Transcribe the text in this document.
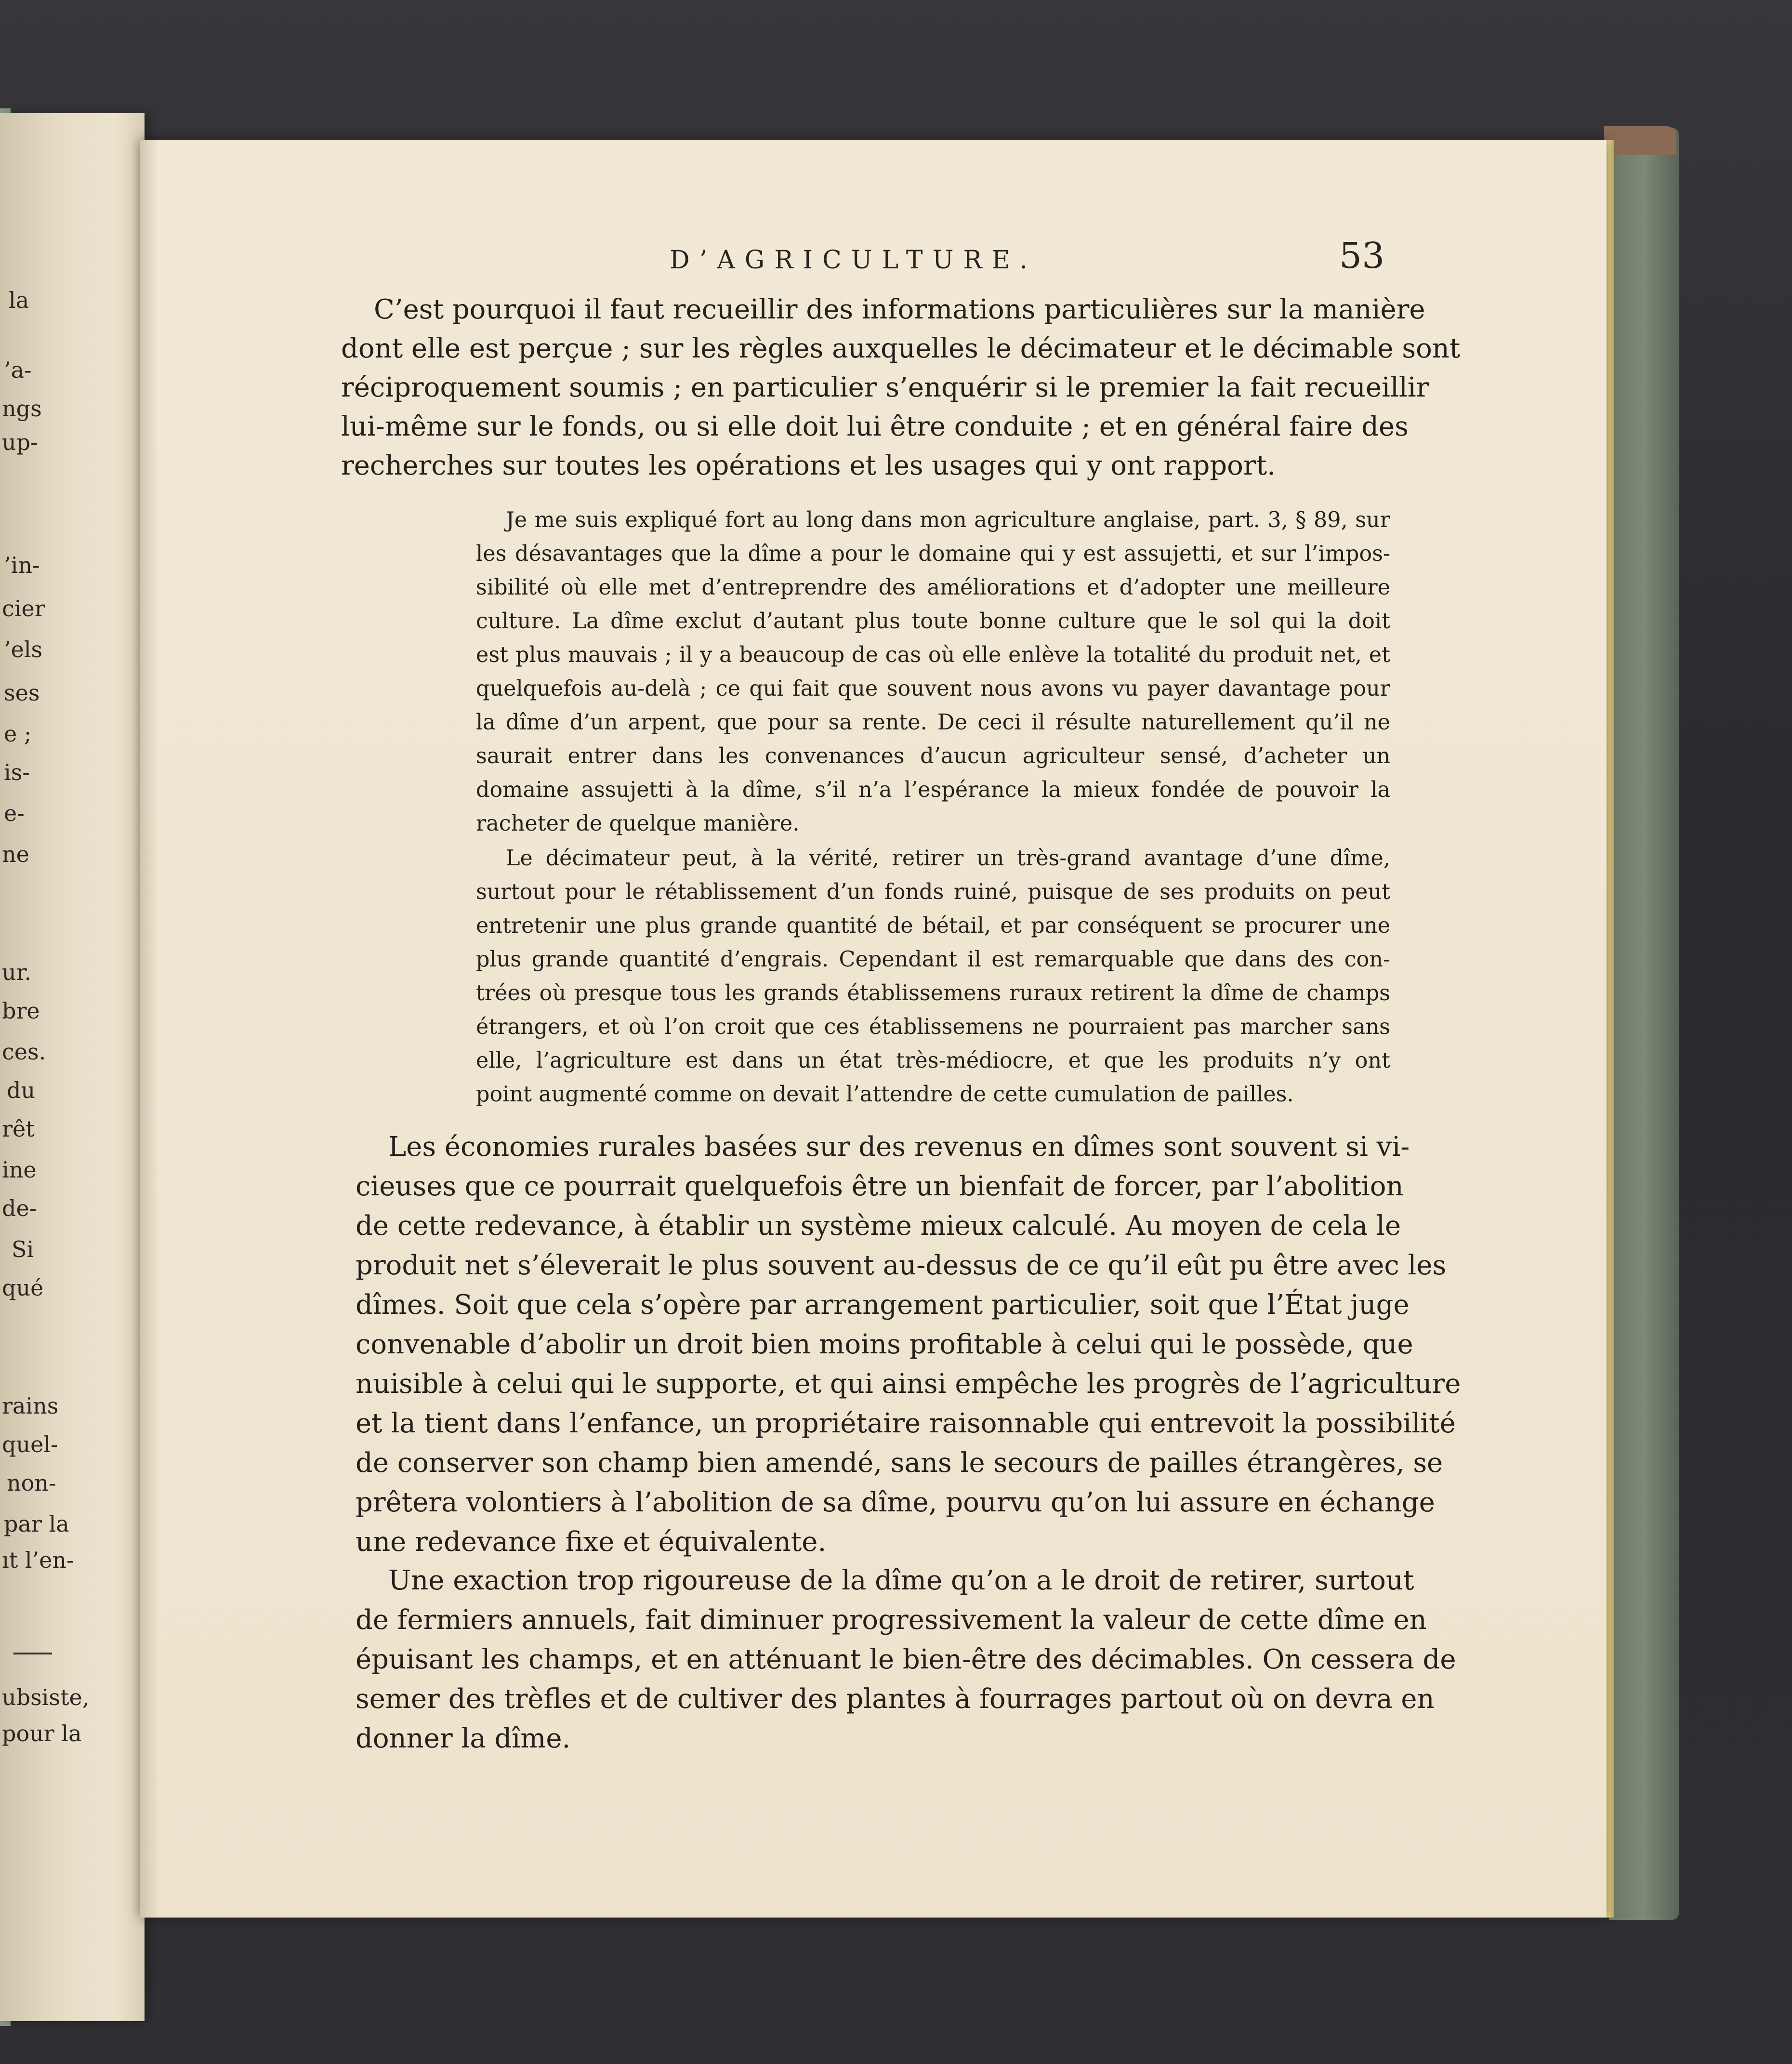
la
’a-
ngs
up-
’in-
cier
’els
ses
e ;
is-
e-
ne
ur.
bre
ces.
du
rêt
ine
de-
Si
qué
rains
quel-
non-
par la
ıt l’en-
ubsiste,
pour la
D’AGRICULTURE.	53
C’est pourquoi il faut recueillir des informations particulières sur la manière
dont elle est perçue ; sur les règles auxquelles le décimateur et le décimable sont
réciproquement soumis ; en particulier s’enquérir si le premier la fait recueillir
lui-même sur le fonds, ou si elle doit lui être conduite ; et en général faire des
recherches sur toutes les opérations et les usages qui y ont rapport.
Je me suis expliqué fort au long dans mon agriculture anglaise, part. 3, § 89, sur
les désavantages que la dîme a pour le domaine qui y est assujetti, et sur l’impos-
sibilité où elle met d’entreprendre des améliorations et d’adopter une meilleure
culture. La dîme exclut d’autant plus toute bonne culture que le sol qui la doit
est plus mauvais ; il y a beaucoup de cas où elle enlève la totalité du produit net, et
quelquefois au-delà ; ce qui fait que souvent nous avons vu payer davantage pour
la dîme d’un arpent, que pour sa rente. De ceci il résulte naturellement qu’il ne
saurait entrer dans les convenances d’aucun agriculteur sensé, d’acheter un
domaine assujetti à la dîme, s’il n’a l’espérance la mieux fondée de pouvoir la
racheter de quelque manière.
Le décimateur peut, à la vérité, retirer un très-grand avantage d’une dîme,
surtout pour le rétablissement d’un fonds ruiné, puisque de ses produits on peut
entretenir une plus grande quantité de bétail, et par conséquent se procurer une
plus grande quantité d’engrais. Cependant il est remarquable que dans des con-
trées où presque tous les grands établissemens ruraux retirent la dîme de champs
étrangers, et où l’on croit que ces établissemens ne pourraient pas marcher sans
elle, l’agriculture est dans un état très-médiocre, et que les produits n’y ont
point augmenté comme on devait l’attendre de cette cumulation de pailles.
Les économies rurales basées sur des revenus en dîmes sont souvent si vi-
cieuses que ce pourrait quelquefois être un bienfait de forcer, par l’abolition
de cette redevance, à établir un système mieux calculé. Au moyen de cela le
produit net s’éleverait le plus souvent au-dessus de ce qu’il eût pu être avec les
dîmes. Soit que cela s’opère par arrangement particulier, soit que l’État juge
convenable d’abolir un droit bien moins profitable à celui qui le possède, que
nuisible à celui qui le supporte, et qui ainsi empêche les progrès de l’agriculture
et la tient dans l’enfance, un propriétaire raisonnable qui entrevoit la possibilité
de conserver son champ bien amendé, sans le secours de pailles étrangères, se
prêtera volontiers à l’abolition de sa dîme, pourvu qu’on lui assure en échange
une redevance fixe et équivalente.
Une exaction trop rigoureuse de la dîme qu’on a le droit de retirer, surtout
de fermiers annuels, fait diminuer progressivement la valeur de cette dîme en
épuisant les champs, et en atténuant le bien-être des décimables. On cessera de
semer des trèfles et de cultiver des plantes à fourrages partout où on devra en
donner la dîme.
